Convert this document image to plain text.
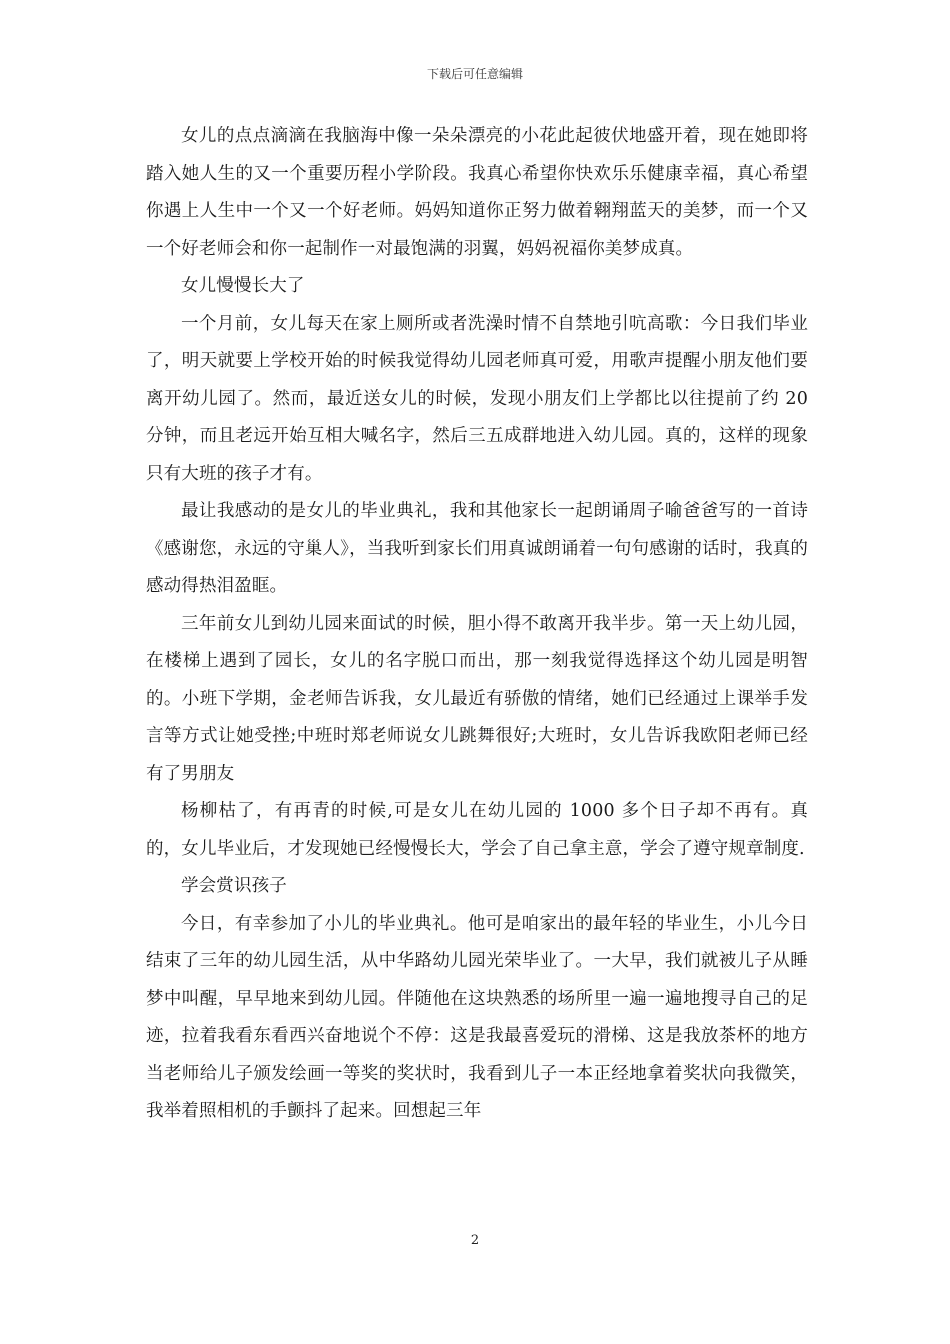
下载后可任意编辑

女儿的点点滴滴在我脑海中像一朵朵漂亮的小花此起彼伏地盛开着，现在她即将踏入她人生的又一个重要历程小学阶段。我真心希望你快欢乐乐健康幸福，真心希望你遇上人生中一个又一个好老师。妈妈知道你正努力做着翱翔蓝天的美梦，而一个又一个好老师会和你一起制作一对最饱满的羽翼，妈妈祝福你美梦成真。

女儿慢慢长大了

一个月前，女儿每天在家上厕所或者洗澡时情不自禁地引吭高歌：今日我们毕业了，明天就要上学校开始的时候我觉得幼儿园老师真可爱，用歌声提醒小朋友他们要离开幼儿园了。然而，最近送女儿的时候，发现小朋友们上学都比以往提前了约 20 分钟，而且老远开始互相大喊名字，然后三五成群地进入幼儿园。真的，这样的现象只有大班的孩子才有。

最让我感动的是女儿的毕业典礼，我和其他家长一起朗诵周子喻爸爸写的一首诗《感谢您，永远的守巢人》，当我听到家长们用真诚朗诵着一句句感谢的话时，我真的感动得热泪盈眶。

三年前女儿到幼儿园来面试的时候，胆小得不敢离开我半步。第一天上幼儿园，在楼梯上遇到了园长，女儿的名字脱口而出，那一刻我觉得选择这个幼儿园是明智的。小班下学期，金老师告诉我，女儿最近有骄傲的情绪，她们已经通过上课举手发言等方式让她受挫;中班时郑老师说女儿跳舞很好;大班时，女儿告诉我欧阳老师已经有了男朋友

杨柳枯了，有再青的时候,可是女儿在幼儿园的 1000 多个日子却不再有。真的，女儿毕业后，才发现她已经慢慢长大，学会了自己拿主意，学会了遵守规章制度.

学会赏识孩子

今日，有幸参加了小儿的毕业典礼。他可是咱家出的最年轻的毕业生，小儿今日结束了三年的幼儿园生活，从中华路幼儿园光荣毕业了。一大早，我们就被儿子从睡梦中叫醒，早早地来到幼儿园。伴随他在这块熟悉的场所里一遍一遍地搜寻自己的足迹，拉着我看东看西兴奋地说个不停：这是我最喜爱玩的滑梯、这是我放茶杯的地方当老师给儿子颁发绘画一等奖的奖状时，我看到儿子一本正经地拿着奖状向我微笑，我举着照相机的手颤抖了起来。回想起三年

2
